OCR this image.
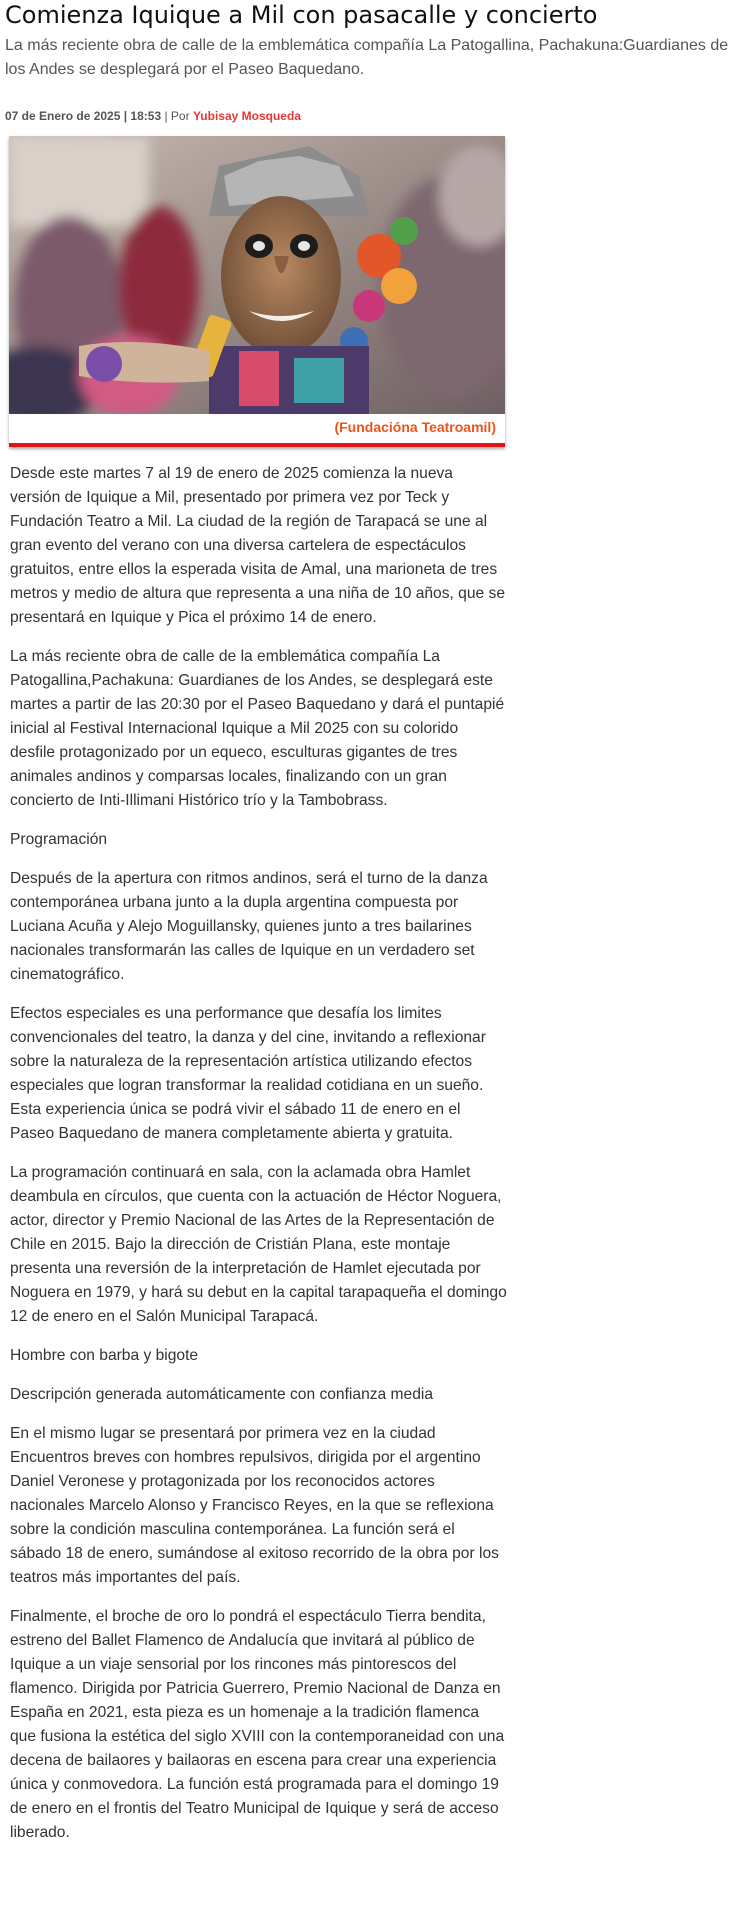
Comienza Iquique a Mil con pasacalle y concierto

La más reciente obra de calle de la emblemática compañía La Patogallina, Pachakuna:Guardianes de los Andes se desplegará por el Paseo Baquedano.

07 de Enero de 2025 | 18:53 | Por Yubisay Mosqueda
(Fundacióna Teatroamil)

Desde este martes 7 al 19 de enero de 2025 comienza la nueva versión de Iquique a Mil, presentado por primera vez por Teck y Fundación Teatro a Mil. La ciudad de la región de Tarapacá se une al gran evento del verano con una diversa cartelera de espectáculos gratuitos, entre ellos la esperada visita de Amal, una marioneta de tres metros y medio de altura que representa a una niña de 10 años, que se presentará en Iquique y Pica el próximo 14 de enero.

La más reciente obra de calle de la emblemática compañía La Patogallina,Pachakuna: Guardianes de los Andes, se desplegará este martes a partir de las 20:30 por el Paseo Baquedano y dará el puntapié inicial al Festival Internacional Iquique a Mil 2025 con su colorido desfile protagonizado por un equeco, esculturas gigantes de tres animales andinos y comparsas locales, finalizando con un gran concierto de Inti-Illimani Histórico trío y la Tambobrass.

Programación

Después de la apertura con ritmos andinos, será el turno de la danza contemporánea urbana junto a la dupla argentina compuesta por Luciana Acuña y Alejo Moguillansky, quienes junto a tres bailarines nacionales transformarán las calles de Iquique en un verdadero set cinematográfico.

Efectos especiales es una performance que desafía los limites convencionales del teatro, la danza y del cine, invitando a reflexionar sobre la naturaleza de la representación artística utilizando efectos especiales que logran transformar la realidad cotidiana en un sueño. Esta experiencia única se podrá vivir el sábado 11 de enero en el Paseo Baquedano de manera completamente abierta y gratuita.

La programación continuará en sala, con la aclamada obra Hamlet deambula en círculos, que cuenta con la actuación de Héctor Noguera, actor, director y Premio Nacional de las Artes de la Representación de Chile en 2015. Bajo la dirección de Cristián Plana, este montaje presenta una reversión de la interpretación de Hamlet ejecutada por Noguera en 1979, y hará su debut en la capital tarapaqueña el domingo 12 de enero en el Salón Municipal Tarapacá.

Hombre con barba y bigote

Descripción generada automáticamente con confianza media

En el mismo lugar se presentará por primera vez en la ciudad Encuentros breves con hombres repulsivos, dirigida por el argentino Daniel Veronese y protagonizada por los reconocidos actores nacionales Marcelo Alonso y Francisco Reyes, en la que se reflexiona sobre la condición masculina contemporánea. La función será el sábado 18 de enero, sumándose al exitoso recorrido de la obra por los teatros más importantes del país.

Finalmente, el broche de oro lo pondrá el espectáculo Tierra bendita, estreno del Ballet Flamenco de Andalucía que invitará al público de Iquique a un viaje sensorial por los rincones más pintorescos del flamenco. Dirigida por Patricia Guerrero, Premio Nacional de Danza en España en 2021, esta pieza es un homenaje a la tradición flamenca que fusiona la estética del siglo XVIII con la contemporaneidad con una decena de bailaores y bailaoras en escena para crear una experiencia única y conmovedora. La función está programada para el domingo 19 de enero en el frontis del Teatro Municipal de Iquique y será de acceso liberado.
